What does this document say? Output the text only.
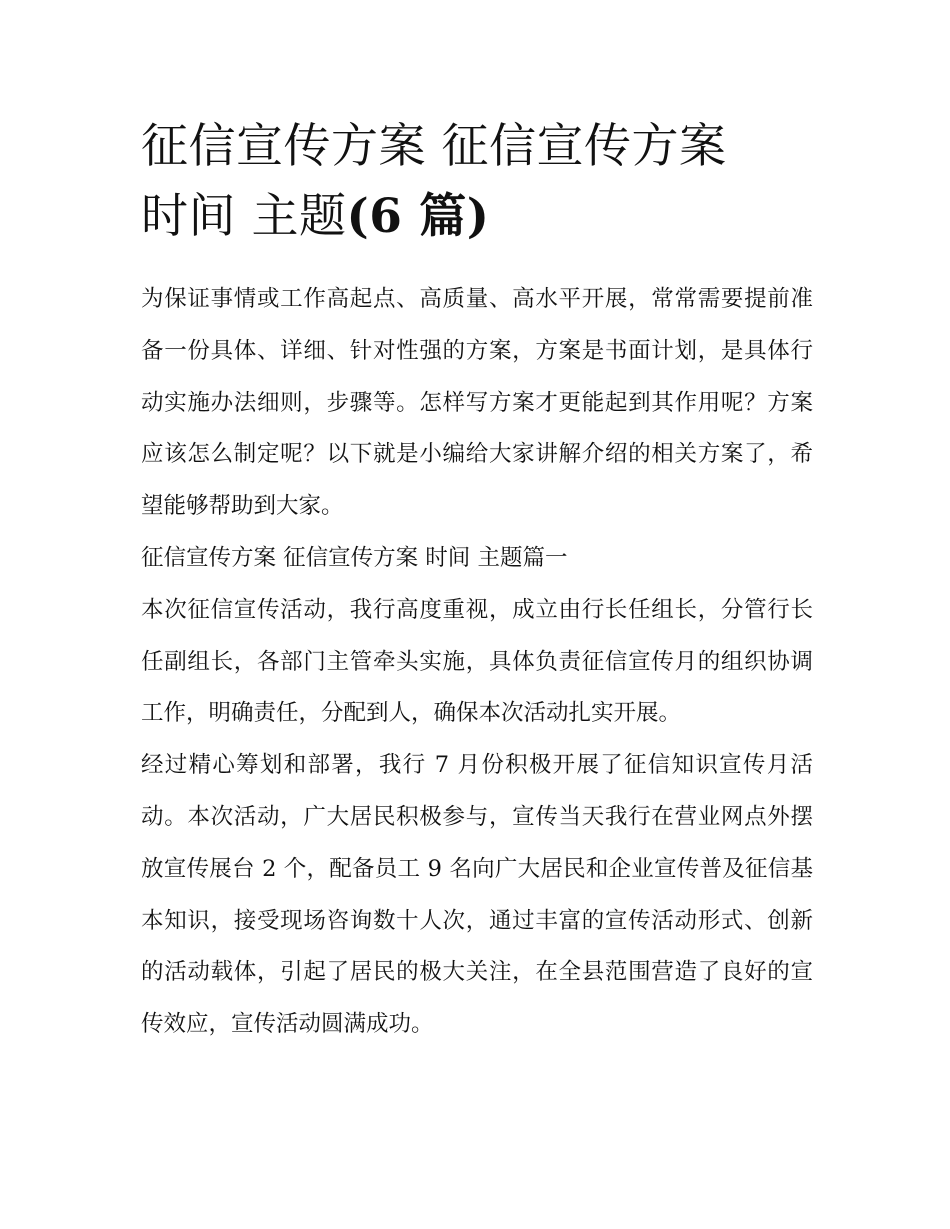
征信宣传方案 征信宣传方案
时间 主题(6 篇)

为保证事情或工作高起点、高质量、高水平开展，常常需要提前准备一份具体、详细、针对性强的方案，方案是书面计划，是具体行动实施办法细则，步骤等。怎样写方案才更能起到其作用呢？方案应该怎么制定呢？以下就是小编给大家讲解介绍的相关方案了，希望能够帮助到大家。

征信宣传方案 征信宣传方案 时间 主题篇一

本次征信宣传活动，我行高度重视，成立由行长任组长，分管行长任副组长，各部门主管牵头实施，具体负责征信宣传月的组织协调工作，明确责任，分配到人，确保本次活动扎实开展。

经过精心筹划和部署，我行 7 月份积极开展了征信知识宣传月活动。本次活动，广大居民积极参与，宣传当天我行在营业网点外摆放宣传展台 2 个，配备员工 9 名向广大居民和企业宣传普及征信基本知识，接受现场咨询数十人次，通过丰富的宣传活动形式、创新的活动载体，引起了居民的极大关注，在全县范围营造了良好的宣传效应，宣传活动圆满成功。
